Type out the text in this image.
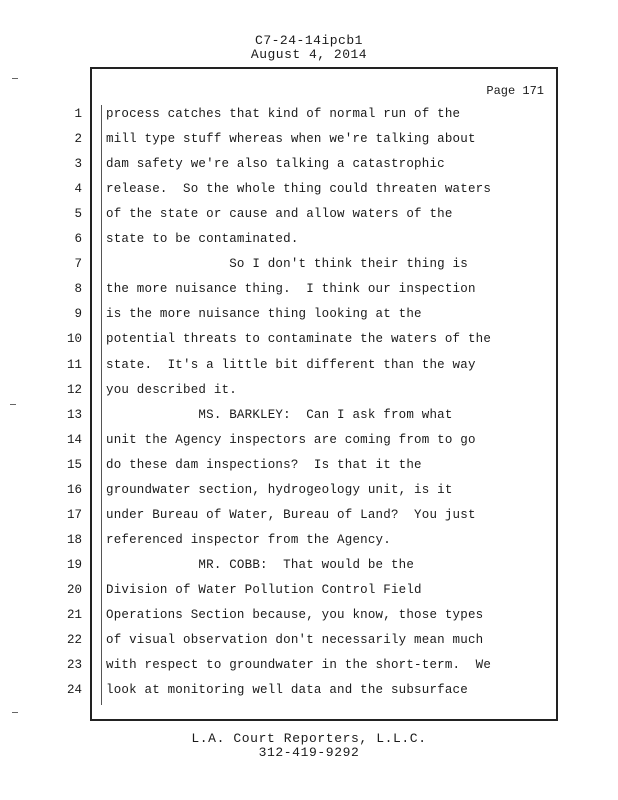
C7-24-14ipcb1
August 4, 2014
Page 171
1 process catches that kind of normal run of the
2 mill type stuff whereas when we're talking about
3 dam safety we're also talking a catastrophic
4 release.  So the whole thing could threaten waters
5 of the state or cause and allow waters of the
6 state to be contaminated.
7 So I don't think their thing is
8 the more nuisance thing.  I think our inspection
9 is the more nuisance thing looking at the
10 potential threats to contaminate the waters of the
11 state.  It's a little bit different than the way
12 you described it.
13 MS. BARKLEY:  Can I ask from what
14 unit the Agency inspectors are coming from to go
15 do these dam inspections?  Is that it the
16 groundwater section, hydrogeology unit, is it
17 under Bureau of Water, Bureau of Land?  You just
18 referenced inspector from the Agency.
19 MR. COBB:  That would be the
20 Division of Water Pollution Control Field
21 Operations Section because, you know, those types
22 of visual observation don't necessarily mean much
23 with respect to groundwater in the short-term.  We
24 look at monitoring well data and the subsurface
L.A. Court Reporters, L.L.C.
312-419-9292
